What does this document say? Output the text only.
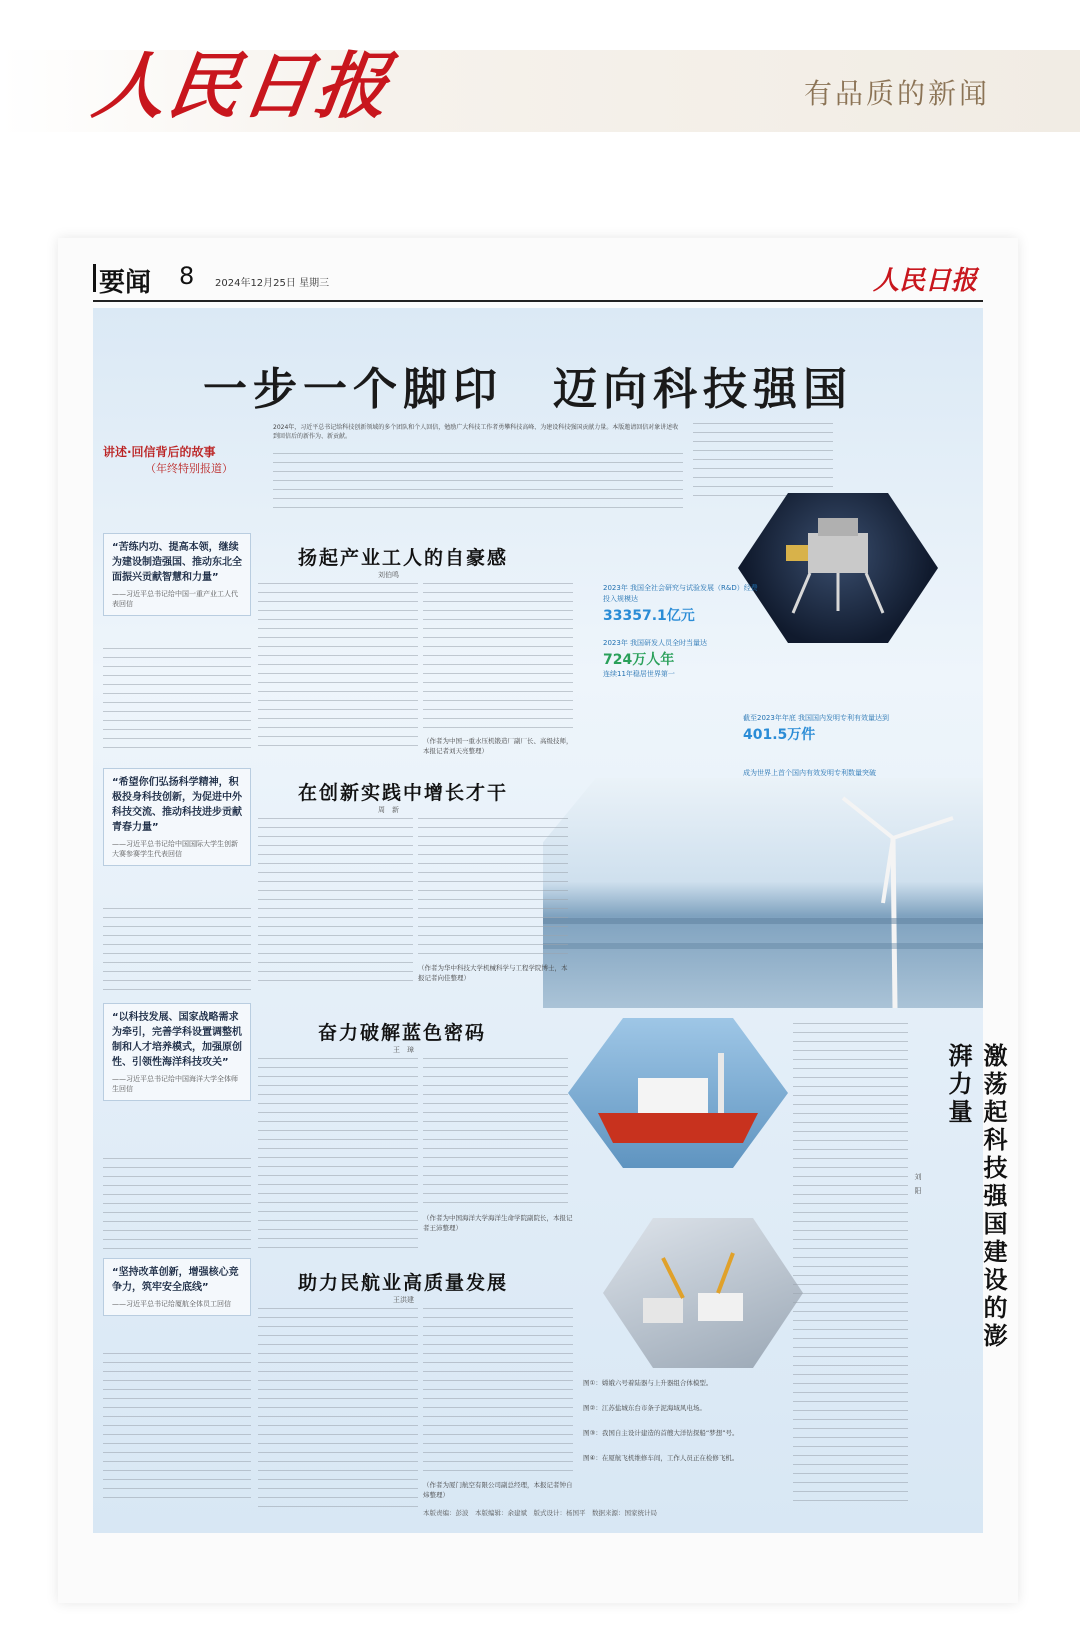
人民日报	有品质的新闻
要闻 8 2024年12月25日 星期三	人民日报
一步一个脚印　迈向科技强国
讲述·回信背后的故事
（年终特别报道）
2024年，习近平总书记给科技创新领域的多个团队和个人回信，勉励广大科技工作者勇攀科技高峰、为建设科技强国贡献力量。本版邀请回信对象讲述收到回信后的新作为、新贡献。
2023年 我国全社会研究与试验发展（R&D）经费投入规模达
33357.1亿元
2023年 我国研发人员全时当量达
724万人年
连续11年稳居世界第一
截至2023年年底 我国国内发明专利有效量达到
401.5万件
成为世界上首个国内有效发明专利数量突破
“苦练内功、提高本领，继续为建设制造强国、推动东北全面振兴贡献智慧和力量”
——习近平总书记给中国一重产业工人代表回信
扬起产业工人的自豪感
刘伯鸣
（作者为中国一重水压机锻造厂副厂长、高级技师，本报记者刘天亮整理）
“希望你们弘扬科学精神，积极投身科技创新，为促进中外科技交流、推动科技进步贡献青春力量”
——习近平总书记给中国国际大学生创新大赛参赛学生代表回信
在创新实践中增长才干
周　新
（作者为华中科技大学机械科学与工程学院博士，本报记者向佳整理）
“以科技发展、国家战略需求为牵引，完善学科设置调整机制和人才培养模式，加强原创性、引领性海洋科技攻关”
——习近平总书记给中国海洋大学全体师生回信
奋力破解蓝色密码
王　璋
（作者为中国海洋大学海洋生命学院副院长，本报记者王沛整理）
“坚持改革创新，增强核心竞争力，筑牢安全底线”
——习近平总书记给厦航全体员工回信
助力民航业高质量发展
王洪建
（作者为厦门航空有限公司副总经理，本报记者钟自炜整理）
图①：嫦娥六号着陆器与上升器组合体模型。
图②：江苏盐城东台市条子泥海域风电场。
图③：我国自主设计建造的首艘大洋钻探船“梦想”号。
图④：在厦航飞机维修车间，工作人员正在检修飞机。
激荡起科技强国建设的澎湃力量
刘　阳
本版责编：彭波　本版编辑：余建斌　版式设计：杨国平　数据来源：国家统计局
